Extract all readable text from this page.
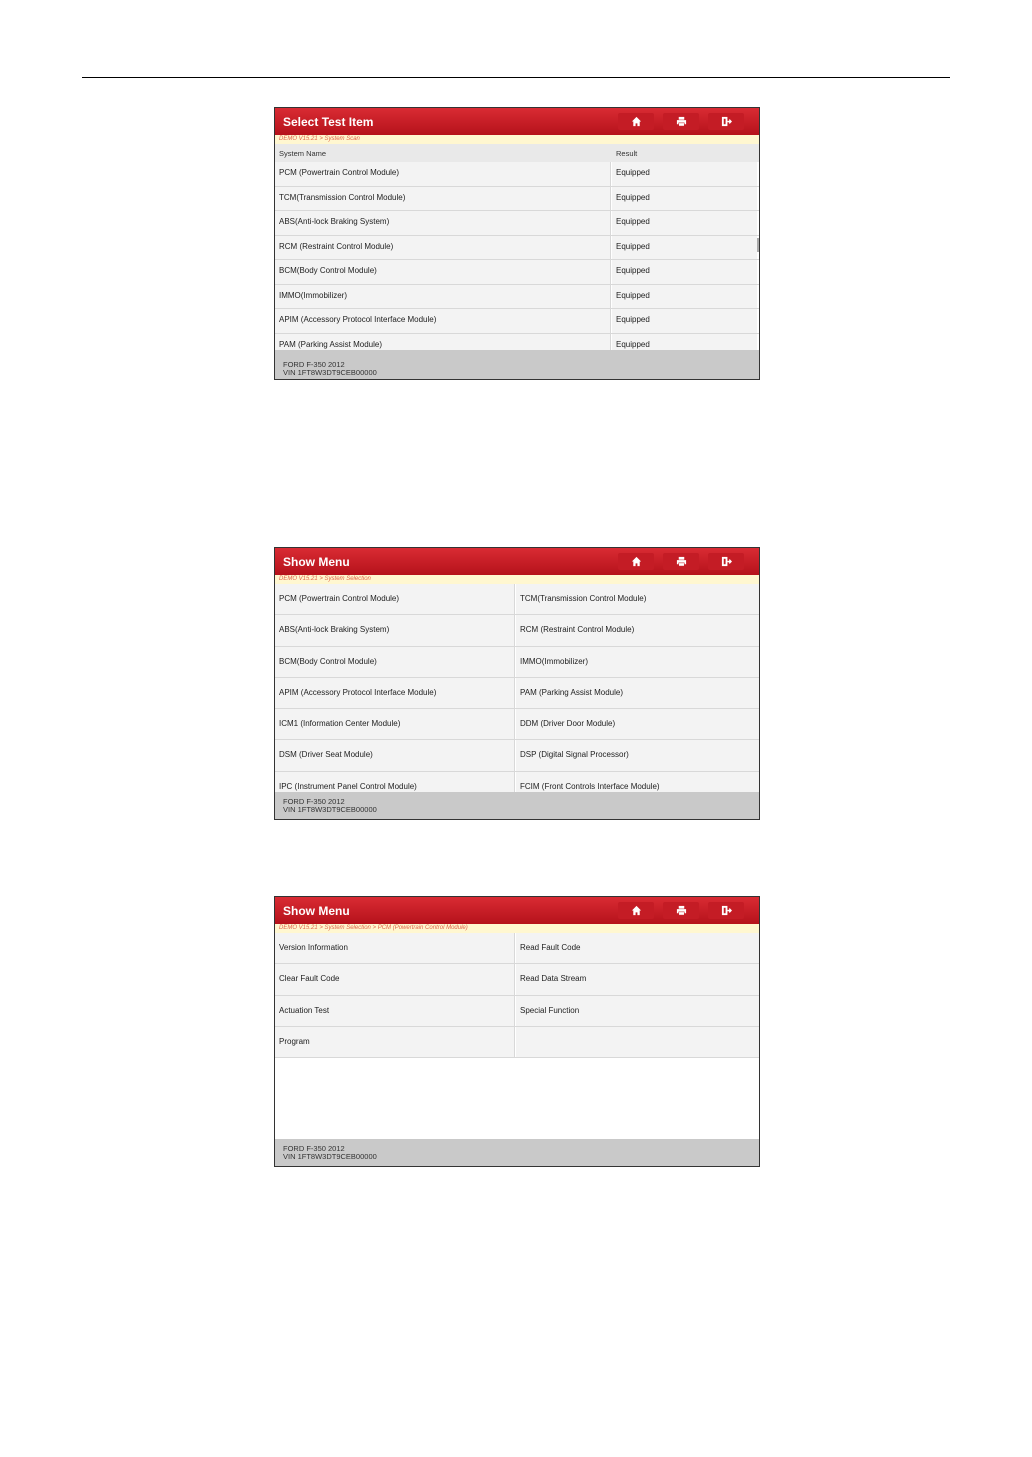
Select Test Item
DEMO V15.21 > System Scan
System Name	Result
PCM (Powertrain Control Module)	Equipped
TCM(Transmission Control Module)	Equipped
ABS(Anti-lock Braking System)	Equipped
RCM (Restraint Control Module)	Equipped
BCM(Body Control Module)	Equipped
IMMO(Immobilizer)	Equipped
APIM (Accessory Protocol Interface Module)	Equipped
PAM (Parking Assist Module)	Equipped
FORD F-350 2012
VIN 1FT8W3DT9CEB00000
Show Menu
DEMO V15.21 > System Selection
PCM (Powertrain Control Module)	TCM(Transmission Control Module)
ABS(Anti-lock Braking System)	RCM (Restraint Control Module)
BCM(Body Control Module)	IMMO(Immobilizer)
APIM (Accessory Protocol Interface Module)	PAM (Parking Assist Module)
ICM1 (Information Center Module)	DDM (Driver Door Module)
DSM (Driver Seat Module)	DSP (Digital Signal Processor)
IPC (Instrument Panel Control Module)	FCIM (Front Controls Interface Module)
FORD F-350 2012
VIN 1FT8W3DT9CEB00000
Show Menu
DEMO V15.21 > System Selection > PCM (Powertrain Control Module)
Version Information	Read Fault Code
Clear Fault Code	Read Data Stream
Actuation Test	Special Function
Program
FORD F-350 2012
VIN 1FT8W3DT9CEB00000
